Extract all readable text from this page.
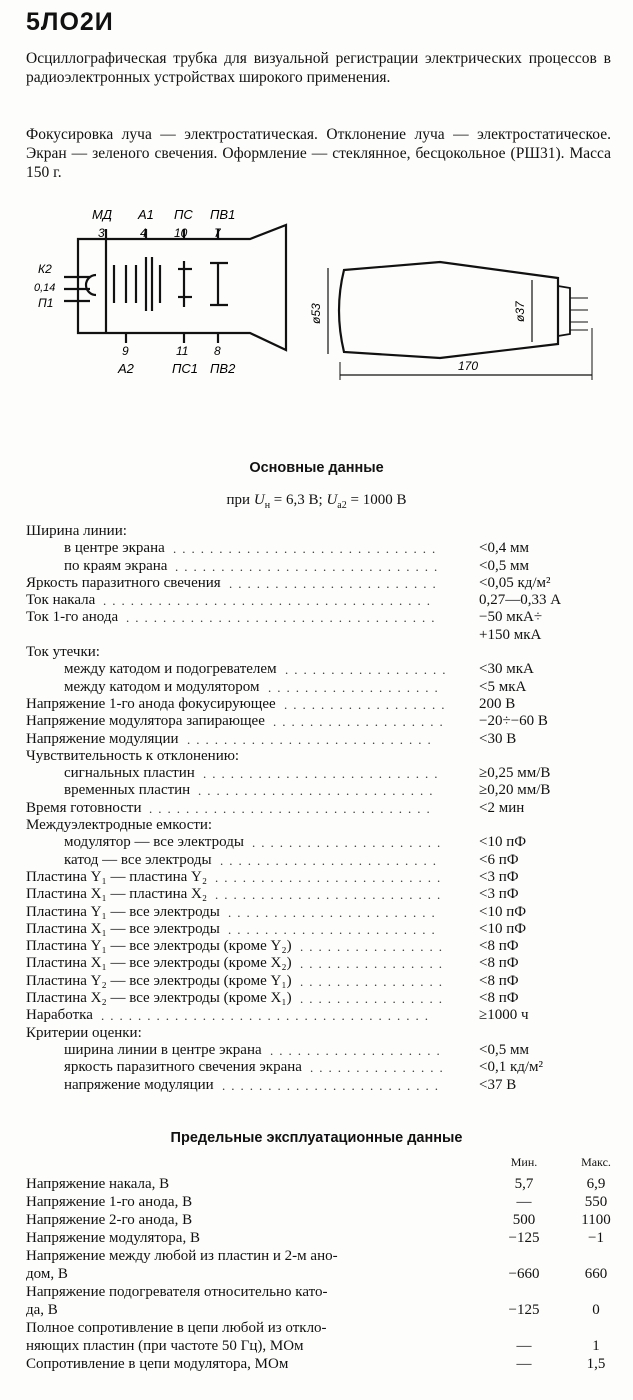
5ЛО2И
Осциллографическая трубка для визуальной регистрации электрических процессов в радиоэлектронных устройствах широкого применения.
Фокусировка луча — электростатическая. Отклонение луча — электростатическое. Экран — зеленого свечения. Оформление — стеклянное, бесцокольное (РШ31). Масса 150 г.
МД А1 ПС ПВ1
3	4 10 7
9	11 8
А2	ПС1 ПВ2
К2
0,14
П1
ø53	ø37
170
Основные данные
при $U_н = 6,3$ В; $U_{а2} = 1000$ В
Ширина линии:
в центре экрана	<0,4 мм
.............................
по краям экрана	<0,5 мм
.............................
Яркость паразитного свечения	<0,05 кд/м²
.......................
Ток накала	0,27—0,33 А
....................................
Ток 1-го анода	−50 мкА÷
..................................
+150 мкА
Ток утечки:
между катодом и подогревателем	<30 мкА
..................
между катодом и модулятором	<5 мкА
...................
Напряжение 1-го анода фокусирующее	200 В
..................
Напряжение модулятора запирающее	−20÷−60 В
...................
Напряжение модуляции	<30 В
...........................
Чувствительность к отклонению:
сигнальных пластин	≥0,25 мм/В
..........................
временных пластин	≥0,20 мм/В
..........................
Время готовности	<2 мин
...............................
Междуэлектродные емкости:
модулятор — все электроды	<10 пФ
.....................
катод — все электроды	<6 пФ
........................
Пластина Y₁ — пластина Y₂	<3 пФ
.........................
Пластина X₁ — пластина X₂	<3 пФ
.........................
Пластина Y₁ — все электроды	<10 пФ
.......................
Пластина X₁ — все электроды	<10 пФ
.......................
Пластина Y₁ — все электроды (кроме Y₂)	<8 пФ
................
Пластина X₁ — все электроды (кроме X₂)	<8 пФ
................
Пластина Y₂ — все электроды (кроме Y₁)	<8 пФ
................
Пластина X₂ — все электроды (кроме X₁)	<8 пФ
................
Наработка	≥1000 ч
....................................
Критерии оценки:
ширина линии в центре экрана	<0,5 мм
...................
яркость паразитного свечения экрана	<0,1 кд/м²
...............
напряжение модуляции	<37 В
........................
Предельные эксплуатационные данные
Мин.	Макс.
Напряжение накала, В	5,7	6,9
Напряжение 1-го анода, В	—	550
Напряжение 2-го анода, В	500	1100
Напряжение модулятора, В	−125	−1
Напряжение между любой из пластин и 2-м ано-
дом, В	−660	660
Напряжение подогревателя относительно като-
да, В	−125	0
Полное сопротивление в цепи любой из откло-
няющих пластин (при частоте 50 Гц), МОм	—	1
Сопротивление в цепи модулятора, МОм	—	1,5
